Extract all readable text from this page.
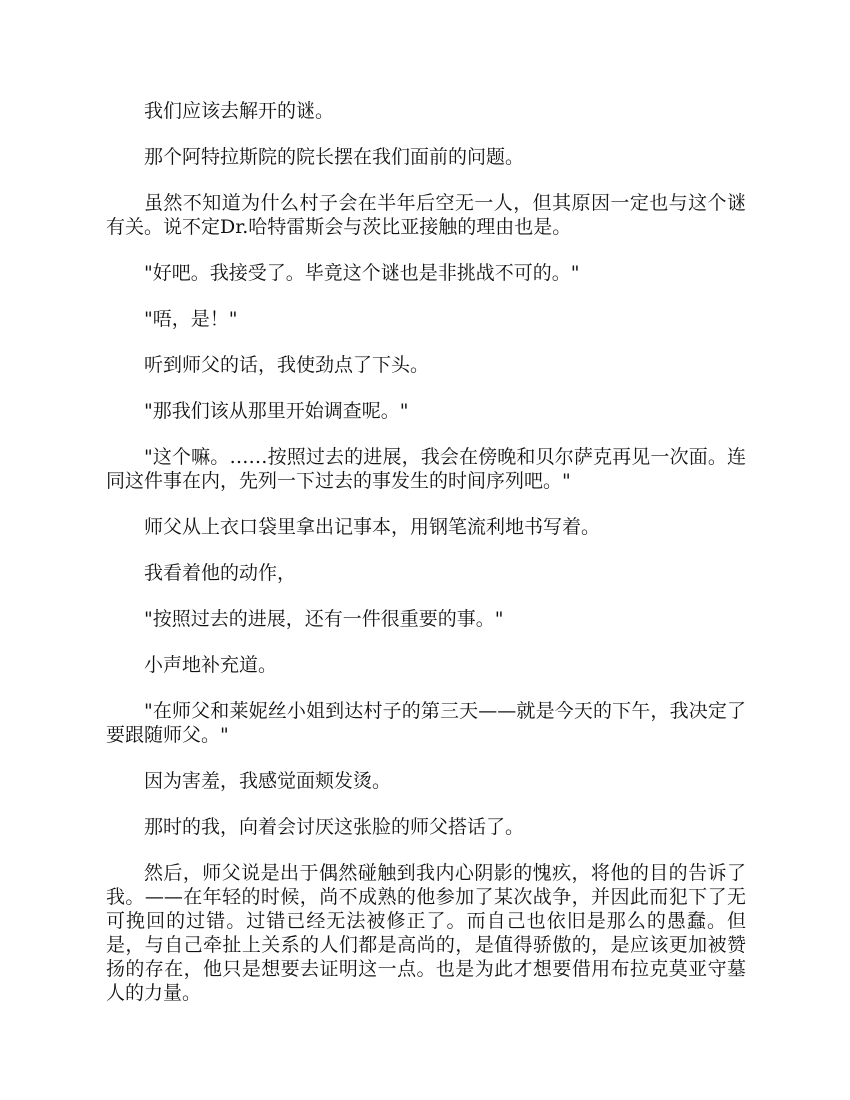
我们应该去解开的谜。

那个阿特拉斯院的院长摆在我们面前的问题。

虽然不知道为什么村子会在半年后空无一人，但其原因一定也与这个谜有关。说不定Dr.哈特雷斯会与茨比亚接触的理由也是。

"好吧。我接受了。毕竟这个谜也是非挑战不可的。"

"唔，是！"

听到师父的话，我使劲点了下头。

"那我们该从那里开始调查呢。"

"这个嘛。……按照过去的进展，我会在傍晚和贝尔萨克再见一次面。连同这件事在内，先列一下过去的事发生的时间序列吧。"

师父从上衣口袋里拿出记事本，用钢笔流利地书写着。

我看着他的动作，

"按照过去的进展，还有一件很重要的事。"

小声地补充道。

"在师父和莱妮丝小姐到达村子的第三天——就是今天的下午，我决定了要跟随师父。"

因为害羞，我感觉面颊发烫。

那时的我，向着会讨厌这张脸的师父搭话了。

然后，师父说是出于偶然碰触到我内心阴影的愧疚，将他的目的告诉了我。——在年轻的时候，尚不成熟的他参加了某次战争，并因此而犯下了无可挽回的过错。过错已经无法被修正了。而自己也依旧是那么的愚蠢。但是，与自己牵扯上关系的人们都是高尚的，是值得骄傲的，是应该更加被赞扬的存在，他只是想要去证明这一点。也是为此才想要借用布拉克莫亚守墓人的力量。
